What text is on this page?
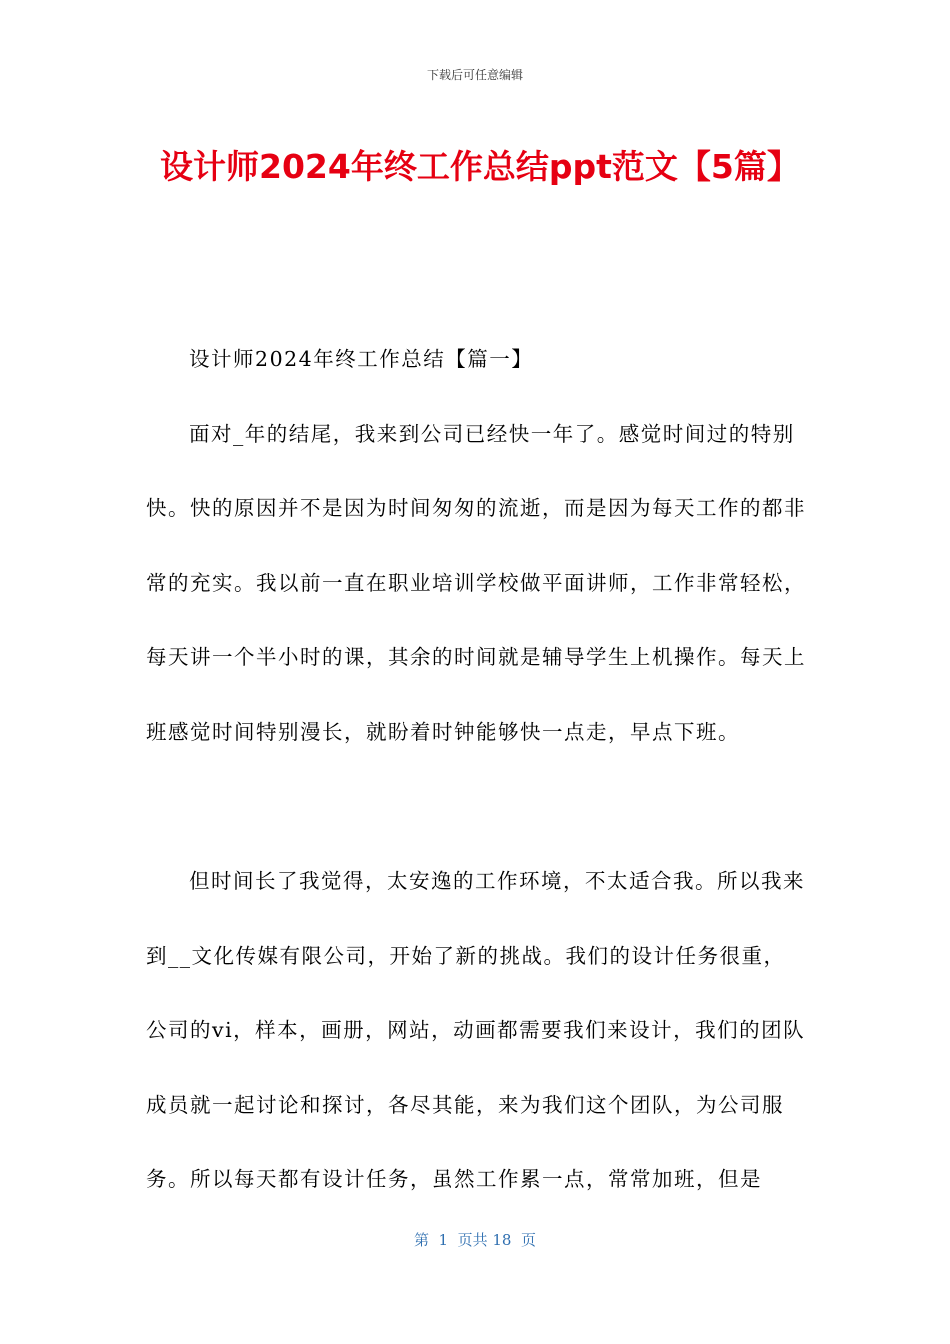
下载后可任意编辑
设计师2024年终工作总结ppt范文【5篇】

设计师2024年终工作总结【篇一】

面对_年的结尾，我来到公司已经快一年了。感觉时间过的特别快。快的原因并不是因为时间匆匆的流逝，而是因为每天工作的都非常的充实。我以前一直在职业培训学校做平面讲师，工作非常轻松，每天讲一个半小时的课，其余的时间就是辅导学生上机操作。每天上班感觉时间特别漫长，就盼着时钟能够快一点走，早点下班。

但时间长了我觉得，太安逸的工作环境，不太适合我。所以我来到__文化传媒有限公司，开始了新的挑战。我们的设计任务很重，公司的vi，样本，画册，网站，动画都需要我们来设计，我们的团队成员就一起讨论和探讨，各尽其能，来为我们这个团队，为公司服务。所以每天都有设计任务，虽然工作累一点，常常加班，但是

第  1  页共 18  页
